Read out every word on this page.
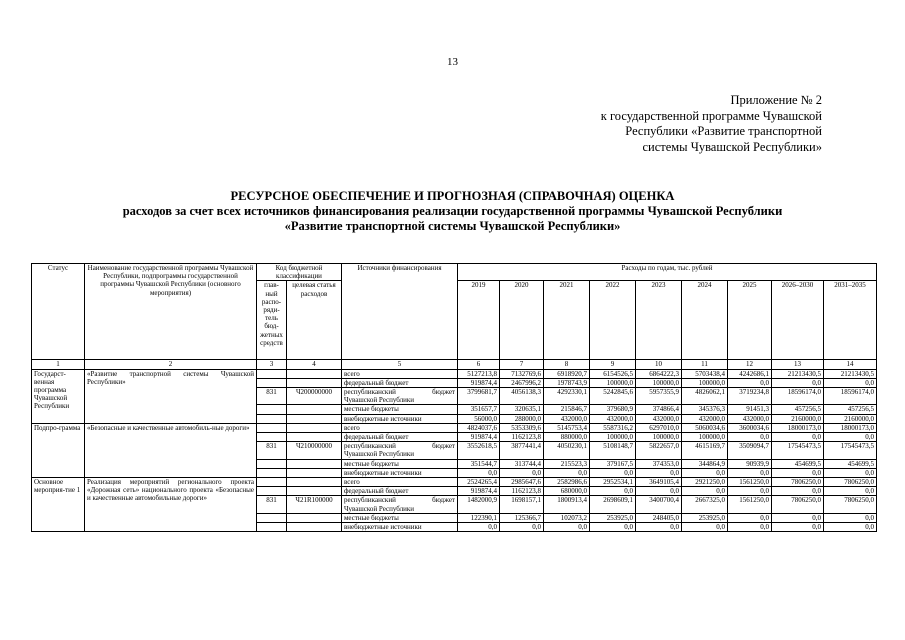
13
Приложение № 2
к государственной программе Чувашской
Республики «Развитие транспортной
системы Чувашской Республики»
РЕСУРСНОЕ ОБЕСПЕЧЕНИЕ И ПРОГНОЗНАЯ (СПРАВОЧНАЯ) ОЦЕНКА
расходов за счет всех источников финансирования реализации государственной программы Чувашской Республики
«Развитие транспортной системы Чувашской Республики»
Статус	Наименование государственной программы Чувашской Республики, подпрограммы государственной программы Чувашской Республики (основного мероприятия)	Код бюджетной классификации		Источники финансирования	Расходы по годам, тыс. рублей								
		глав-ный распо-ряди-тель бюд-жетных средств	целевая статья расходов		2019	2020	2021	2022	2023	2024	2025	2026–2030	2031–2035
1	2	3	4	5	6	7	8	9	10	11	12	13	14
Государст-венная программа Чувашской Республики	«Развитие транспортной системы Чувашской Республики»			всего	5127213,8	7132769,6	6918920,7	6154526,5	6864222,3	5703438,4	4242686,1	21213430,5	21213430,5
				федеральный бюджет	919874,4	2467996,2	1978743,9	100000,0	100000,0	100000,0	0,0	0,0	0,0
		831	Ч200000000	республиканский бюджет Чувашской Республики	3799681,7	4056138,3	4292330,1	5242845,6	5957355,9	4826062,1	3719234,8	18596174,0	18596174,0
				местные бюджеты	351657,7	320635,1	215846,7	379680,9	374866,4	345376,3	91451,3	457256,5	457256,5
				внебюджетные источники	56000,0	288000,0	432000,0	432000,0	432000,0	432000,0	432000,0	2160000,0	2160000,0
Подпро-грамма	«Безопасные и качественные автомобиль-ные дороги»			всего	4824037,6	5353309,6	5145753,4	5587316,2	6297010,0	5060034,6	3600034,6	18000173,0	18000173,0
				федеральный бюджет	919874,4	1162123,8	880000,0	100000,0	100000,0	100000,0	0,0	0,0	0,0
		831	Ч210000000	республиканский бюджет Чувашской Республики	3552618,5	3877441,4	4050230,1	5108148,7	5822657,0	4615169,7	3509094,7	17545473,5	17545473,5
				местные бюджеты	351544,7	313744,4	215523,3	379167,5	374353,0	344864,9	90939,9	454699,5	454699,5
				внебюджетные источники	0,0	0,0	0,0	0,0	0,0	0,0	0,0	0,0	0,0
Основное мероприя-тие 1	Реализация мероприятий регионального проекта «Дорожная сеть» национального проекта «Безопасные и качественные автомобильные дороги»			всего	2524265,4	2985647,6	2582986,6	2952534,1	3649105,4	2921250,0	1561250,0	7806250,0	7806250,0
				федеральный бюджет	919874,4	1162123,8	680000,0	0,0	0,0	0,0	0,0	0,0	0,0
		831	Ч21R100000	республиканский бюджет Чувашской Республики	1482000,9	1698157,1	1800913,4	2698609,1	3400700,4	2667325,0	1561250,0	7806250,0	7806250,0
				местные бюджеты	122390,1	125366,7	102073,2	253925,0	248405,0	253925,0	0,0	0,0	0,0
				внебюджетные источники	0,0	0,0	0,0	0,0	0,0	0,0	0,0	0,0	0,0
